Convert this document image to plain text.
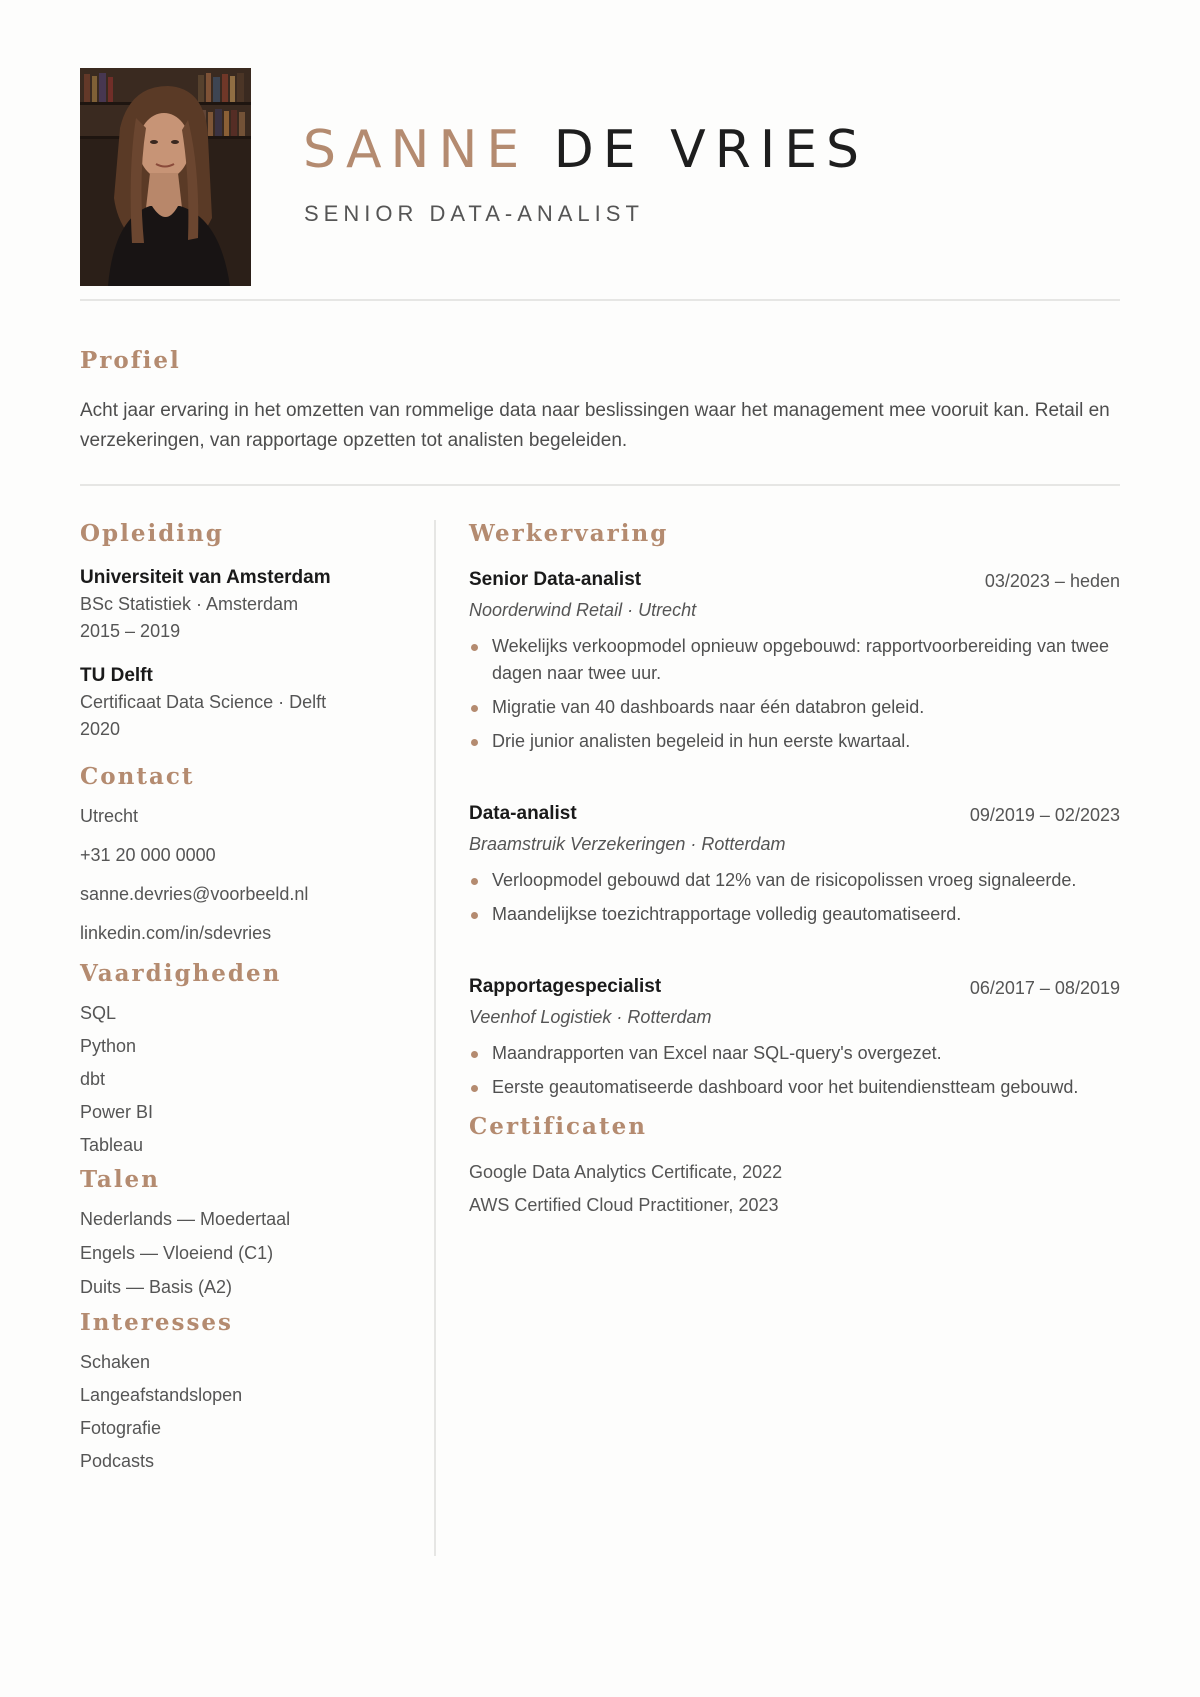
SANNE DE VRIES
SENIOR DATA-ANALIST
Profiel
Acht jaar ervaring in het omzetten van rommelige data naar beslissingen waar het management mee vooruit kan. Retail en verzekeringen, van rapportage opzetten tot analisten begeleiden.
Opleiding
Universiteit van Amsterdam
BSc Statistiek · Amsterdam
2015 – 2019
TU Delft
Certificaat Data Science · Delft
2020
Contact
Utrecht
+31 20 000 0000
sanne.devries@voorbeeld.nl
linkedin.com/in/sdevries
Vaardigheden
SQL
Python
dbt
Power BI
Tableau
Talen
Nederlands — Moedertaal
Engels — Vloeiend (C1)
Duits — Basis (A2)
Interesses
Schaken
Langeafstandslopen
Fotografie
Podcasts
Werkervaring
Senior Data-analist	03/2023 – heden
Noorderwind Retail · Utrecht
Wekelijks verkoopmodel opnieuw opgebouwd: rapportvoorbereiding van twee dagen naar twee uur.
Migratie van 40 dashboards naar één databron geleid.
Drie junior analisten begeleid in hun eerste kwartaal.
Data-analist	09/2019 – 02/2023
Braamstruik Verzekeringen · Rotterdam
Verloopmodel gebouwd dat 12% van de risicopolissen vroeg signaleerde.
Maandelijkse toezichtrapportage volledig geautomatiseerd.
Rapportagespecialist	06/2017 – 08/2019
Veenhof Logistiek · Rotterdam
Maandrapporten van Excel naar SQL-query's overgezet.
Eerste geautomatiseerde dashboard voor het buitendienstteam gebouwd.
Certificaten
Google Data Analytics Certificate, 2022
AWS Certified Cloud Practitioner, 2023
